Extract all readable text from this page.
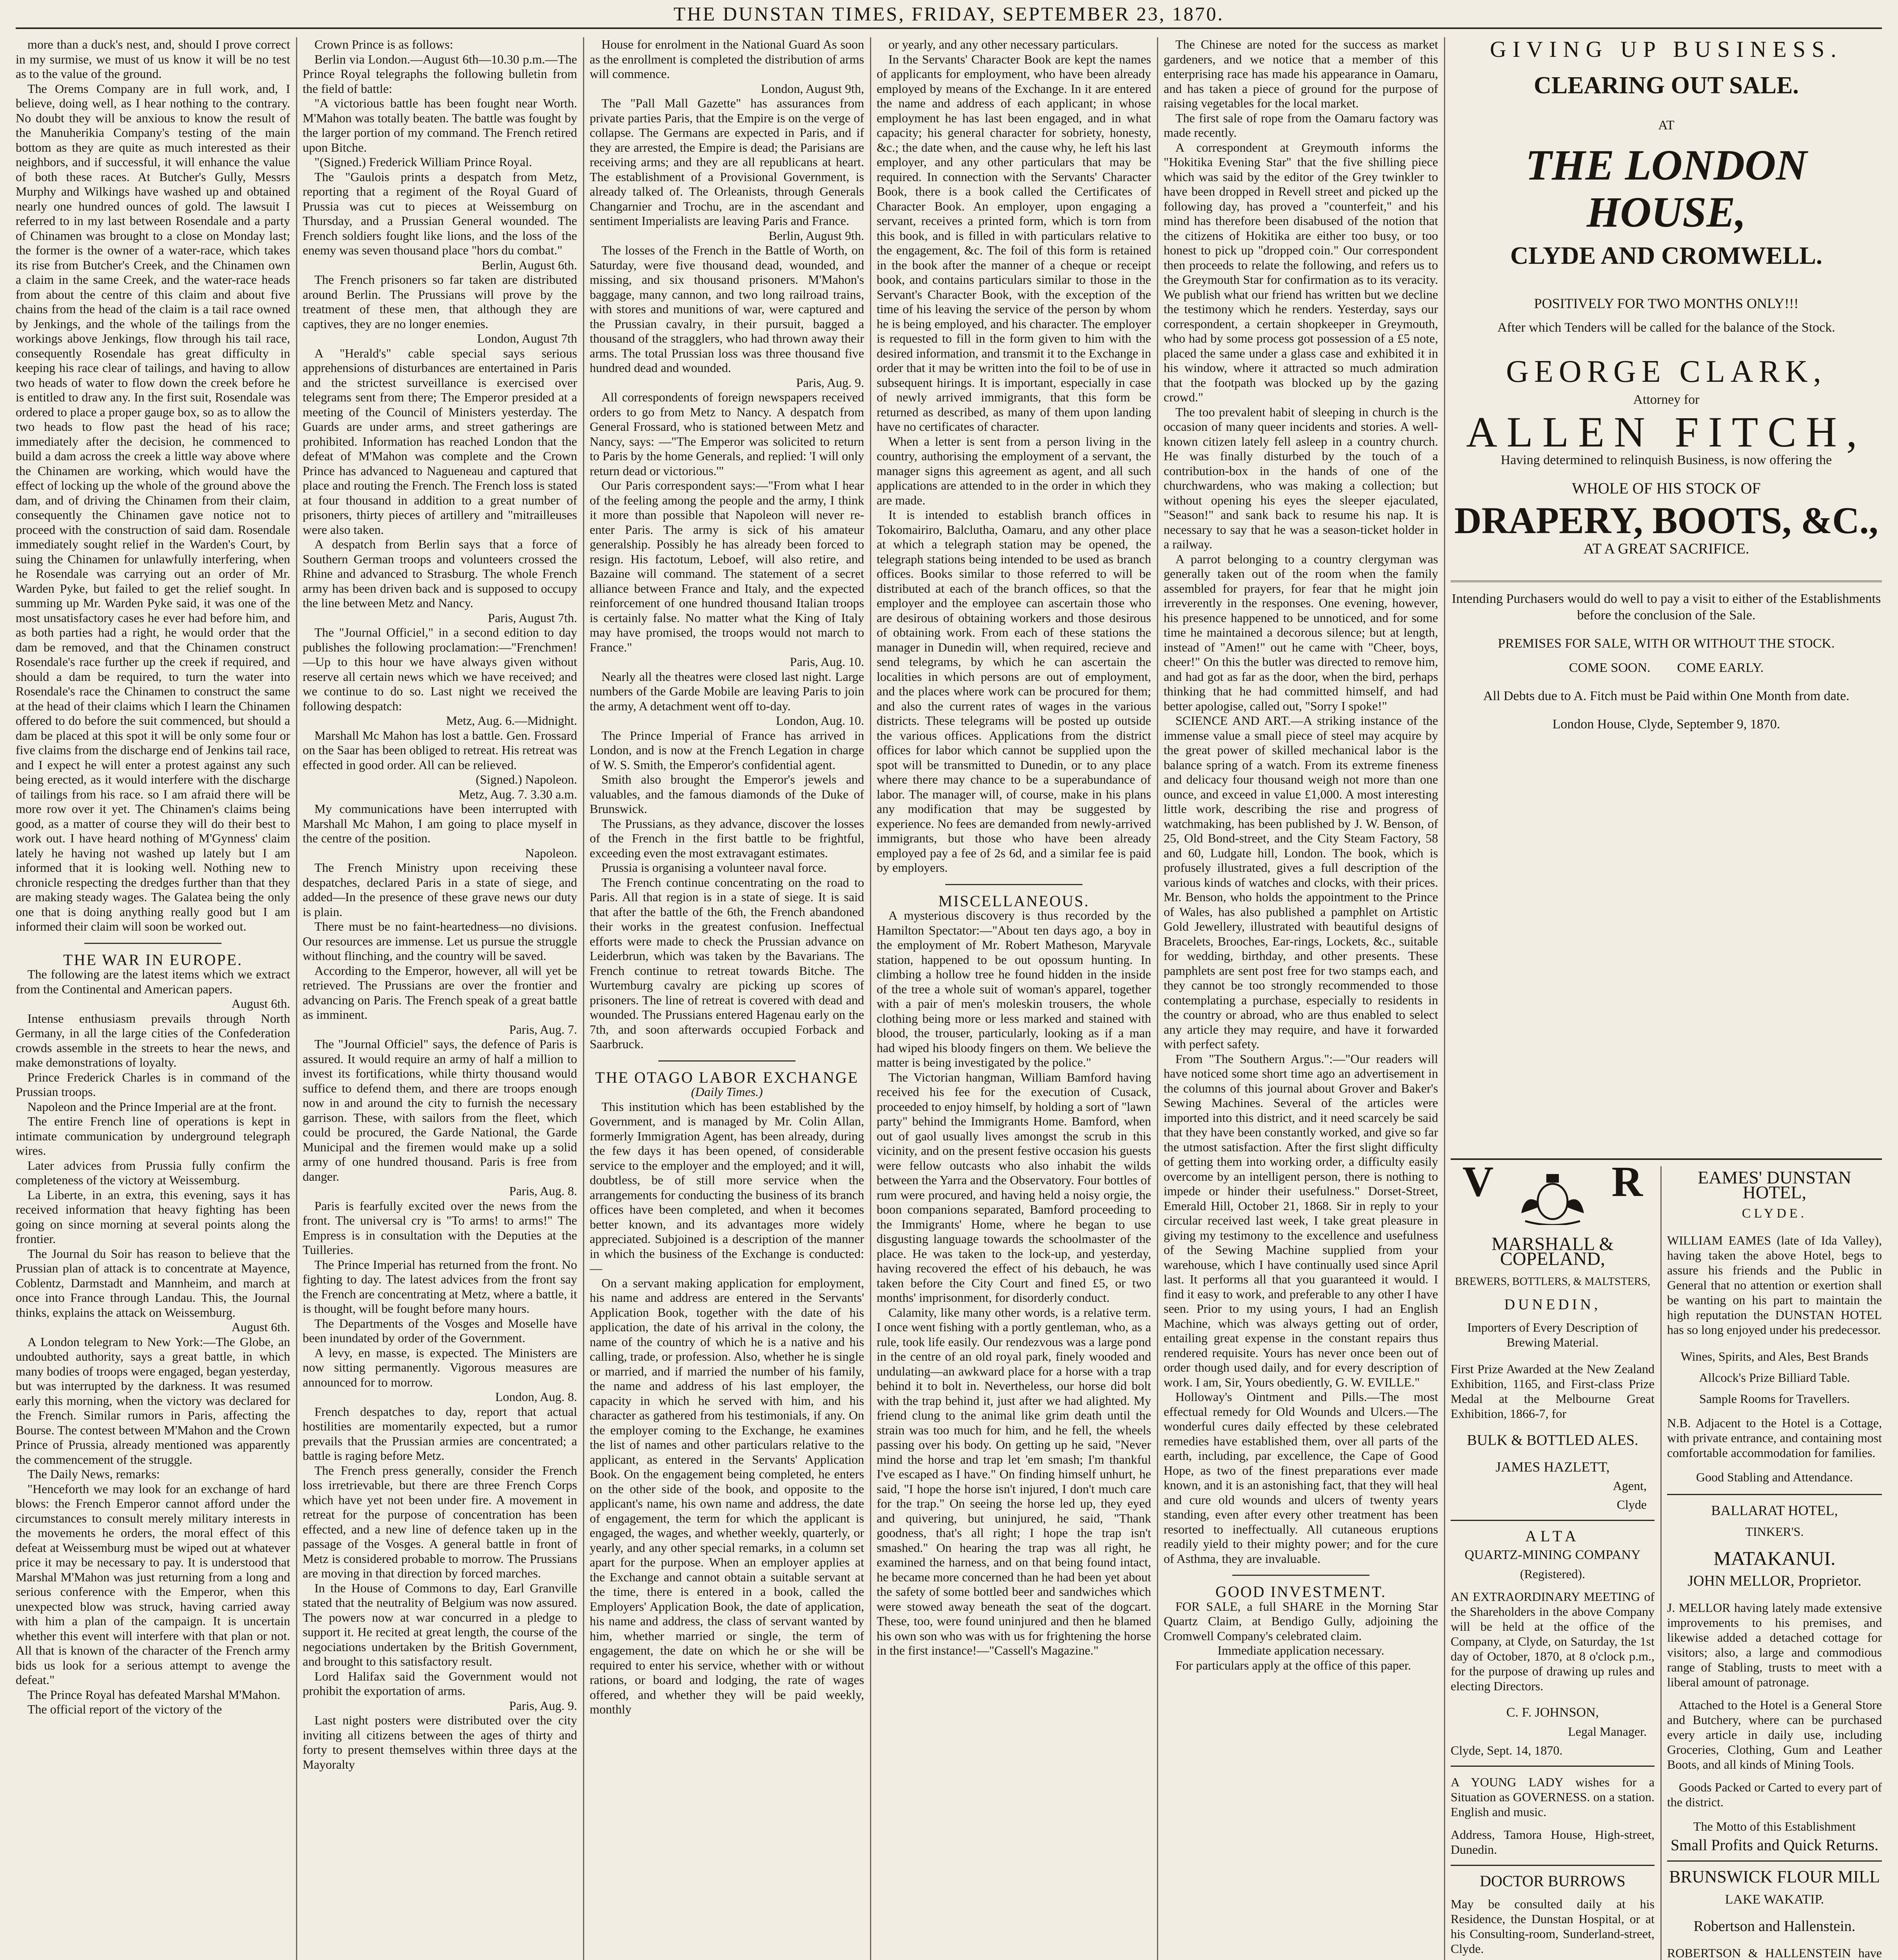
THE DUNSTAN TIMES, FRIDAY, SEPTEMBER 23, 1870.

more than a duck's nest, and, should I prove correct in my surmise, we must of us know it will be no test as to the value of the ground.

The Orems Company are in full work, and, I believe, doing well, as I hear nothing to the contrary. No doubt they will be anxious to know the result of the Manuherikia Company's testing of the main bottom as they are quite as much interested as their neighbors, and if successful, it will enhance the value of both these races. At Butcher's Gully, Messrs Murphy and Wilkings have washed up and obtained nearly one hundred ounces of gold. The lawsuit I referred to in my last between Rosendale and a party of Chinamen was brought to a close on Monday last; the former is the owner of a water-race, which takes its rise from Butcher's Creek, and the Chinamen own a claim in the same Creek, and the water-race heads from about the centre of this claim and about five chains from the head of the claim is a tail race owned by Jenkings, and the whole of the tailings from the workings above Jenkings, flow through his tail race, consequently Rosendale has great difficulty in keeping his race clear of tailings, and having to allow two heads of water to flow down the creek before he is entitled to draw any. In the first suit, Rosendale was ordered to place a proper gauge box, so as to allow the two heads to flow past the head of his race; immediately after the decision, he commenced to build a dam across the creek a little way above where the Chinamen are working, which would have the effect of locking up the whole of the ground above the dam, and of driving the Chinamen from their claim, consequently the Chinamen gave notice not to proceed with the construction of said dam. Rosendale immediately sought relief in the Warden's Court, by suing the Chinamen for unlawfully interfering, when he Rosendale was carrying out an order of Mr. Warden Pyke, but failed to get the relief sought. In summing up Mr. Warden Pyke said, it was one of the most unsatisfactory cases he ever had before him, and as both parties had a right, he would order that the dam be removed, and that the Chinamen construct Rosendale's race further up the creek if required, and should a dam be required, to turn the water into Rosendale's race the Chinamen to construct the same at the head of their claims which I learn the Chinamen offered to do before the suit commenced, but should a dam be placed at this spot it will be only some four or five claims from the discharge end of Jenkins tail race, and I expect he will enter a protest against any such being erected, as it would interfere with the discharge of tailings from his race. so I am afraid there will be more row over it yet. The Chinamen's claims being good, as a matter of course they will do their best to work out. I have heard nothing of M'Gynness' claim lately he having not washed up lately but I am informed that it is looking well. Nothing new to chronicle respecting the dredges further than that they are making steady wages. The Galatea being the only one that is doing anything really good but I am informed their claim will soon be worked out.

THE WAR IN EUROPE.

The following are the latest items which we extract from the Continental and American papers.

August 6th.

Intense enthusiasm prevails through North Germany, in all the large cities of the Confederation crowds assemble in the streets to hear the news, and make demonstrations of loyalty.

Prince Frederick Charles is in command of the Prussian troops.

Napoleon and the Prince Imperial are at the front.

The entire French line of operations is kept in intimate communication by underground telegraph wires.

Later advices from Prussia fully confirm the completeness of the victory at Weissemburg.

La Liberte, in an extra, this evening, says it has received information that heavy fighting has been going on since morning at several points along the frontier.

The Journal du Soir has reason to believe that the Prussian plan of attack is to concentrate at Mayence, Coblentz, Darmstadt and Mannheim, and march at once into France through Landau. This, the Journal thinks, explains the attack on Weissemburg.

August 6th.

A London telegram to New York:—The Globe, an undoubted authority, says a great battle, in which many bodies of troops were engaged, began yesterday, but was interrupted by the darkness. It was resumed early this morning, when the victory was declared for the French. Similar rumors in Paris, affecting the Bourse. The contest between M'Mahon and the Crown Prince of Prussia, already mentioned was apparently the commencement of the struggle.

The Daily News, remarks:

"Henceforth we may look for an exchange of hard blows: the French Emperor cannot afford under the circumstances to consult merely military interests in the movements he orders, the moral effect of this defeat at Weissemburg must be wiped out at whatever price it may be necessary to pay. It is understood that Marshal M'Mahon was just returning from a long and serious conference with the Emperor, when this unexpected blow was struck, having carried away with him a plan of the campaign. It is uncertain whether this event will interfere with that plan or not. All that is known of the character of the French army bids us look for a serious attempt to avenge the defeat."

The Prince Royal has defeated Marshal M'Mahon.

The official report of the victory of the

Crown Prince is as follows:

Berlin via London.—August 6th—10.30 p.m.—The Prince Royal telegraphs the following bulletin from the field of battle:

"A victorious battle has been fought near Worth. M'Mahon was totally beaten. The battle was fought by the larger portion of my command. The French retired upon Bitche.

"(Signed.) Frederick William Prince Royal.

The "Gaulois prints a despatch from Metz, reporting that a regiment of the Royal Guard of Prussia was cut to pieces at Weissemburg on Thursday, and a Prussian General wounded. The French soldiers fought like lions, and the loss of the enemy was seven thousand place "hors du combat."

Berlin, August 6th.

The French prisoners so far taken are distributed around Berlin. The Prussians will prove by the treatment of these men, that although they are captives, they are no longer enemies.

London, August 7th

A "Herald's" cable special says serious apprehensions of disturbances are entertained in Paris and the strictest surveillance is exercised over telegrams sent from there; The Emperor presided at a meeting of the Council of Ministers yesterday. The Guards are under arms, and street gatherings are prohibited. Information has reached London that the defeat of M'Mahon was complete and the Crown Prince has advanced to Nagueneau and captured that place and routing the French. The French loss is stated at four thousand in addition to a great number of prisoners, thirty pieces of artillery and "mitrailleuses were also taken.

A despatch from Berlin says that a force of Southern German troops and volunteers crossed the Rhine and advanced to Strasburg. The whole French army has been driven back and is supposed to occupy the line between Metz and Nancy.

Paris, August 7th.

The "Journal Officiel," in a second edition to day publishes the following proclamation:—"Frenchmen!—Up to this hour we have always given without reserve all certain news which we have received; and we continue to do so. Last night we received the following despatch:

Metz, Aug. 6.—Midnight.

Marshall Mc Mahon has lost a battle. Gen. Frossard on the Saar has been obliged to retreat. His retreat was effected in good order. All can be relieved.

(Signed.) Napoleon.

Metz, Aug. 7. 3.30 a.m.

My communications have been interrupted with Marshall Mc Mahon, I am going to place myself in the centre of the position.

Napoleon.

The French Ministry upon receiving these despatches, declared Paris in a state of siege, and added—In the presence of these grave news our duty is plain.

There must be no faint-heartedness—no divisions. Our resources are immense. Let us pursue the struggle without flinching, and the country will be saved.

According to the Emperor, however, all will yet be retrieved. The Prussians are over the frontier and advancing on Paris. The French speak of a great battle as imminent.

Paris, Aug. 7.

The "Journal Officiel" says, the defence of Paris is assured. It would require an army of half a million to invest its fortifications, while thirty thousand would suffice to defend them, and there are troops enough now in and around the city to furnish the necessary garrison. These, with sailors from the fleet, which could be procured, the Garde National, the Garde Municipal and the firemen would make up a solid army of one hundred thousand. Paris is free from danger.

Paris, Aug. 8.

Paris is fearfully excited over the news from the front. The universal cry is "To arms! to arms!" The Empress is in consultation with the Deputies at the Tuilleries.

The Prince Imperial has returned from the front. No fighting to day. The latest advices from the front say the French are concentrating at Metz, where a battle, it is thought, will be fought before many hours.

The Departments of the Vosges and Moselle have been inundated by order of the Government.

A levy, en masse, is expected. The Ministers are now sitting permanently. Vigorous measures are announced for to morrow.

London, Aug. 8.

French despatches to day, report that actual hostilities are momentarily expected, but a rumor prevails that the Prussian armies are concentrated; a battle is raging before Metz.

The French press generally, consider the French loss irretrievable, but there are three French Corps which have yet not been under fire. A movement in retreat for the purpose of concentration has been effected, and a new line of defence taken up in the passage of the Vosges. A general battle in front of Metz is considered probable to morrow. The Prussians are moving in that direction by forced marches.

In the House of Commons to day, Earl Granville stated that the neutrality of Belgium was now assured. The powers now at war concurred in a pledge to support it. He recited at great length, the course of the negociations undertaken by the British Government, and brought to this satisfactory result.

Lord Halifax said the Government would not prohibit the exportation of arms.

Paris, Aug. 9.

Last night posters were distributed over the city inviting all citizens between the ages of thirty and forty to present themselves within three days at the Mayoralty

House for enrolment in the National Guard As soon as the enrollment is completed the distribution of arms will commence.

London, August 9th,

The "Pall Mall Gazette" has assurances from private parties Paris, that the Empire is on the verge of collapse. The Germans are expected in Paris, and if they are arrested, the Empire is dead; the Parisians are receiving arms; and they are all republicans at heart. The establishment of a Provisional Government, is already talked of. The Orleanists, through Generals Changarnier and Trochu, are in the ascendant and sentiment Imperialists are leaving Paris and France.

Berlin, August 9th.

The losses of the French in the Battle of Worth, on Saturday, were five thousand dead, wounded, and missing, and six thousand prisoners. M'Mahon's baggage, many cannon, and two long railroad trains, with stores and munitions of war, were captured and the Prussian cavalry, in their pursuit, bagged a thousand of the stragglers, who had thrown away their arms. The total Prussian loss was three thousand five hundred dead and wounded.

Paris, Aug. 9.

All correspondents of foreign newspapers received orders to go from Metz to Nancy. A despatch from General Frossard, who is stationed between Metz and Nancy, says: —"The Emperor was solicited to return to Paris by the home Generals, and replied: 'I will only return dead or victorious.'"

Our Paris correspondent says:—"From what I hear of the feeling among the people and the army, I think it more than possible that Napoleon will never re-enter Paris. The army is sick of his amateur generalship. Possibly he has already been forced to resign. His factotum, Leboef, will also retire, and Bazaine will command. The statement of a secret alliance between France and Italy, and the expected reinforcement of one hundred thousand Italian troops is certainly false. No matter what the King of Italy may have promised, the troops would not march to France."

Paris, Aug. 10.

Nearly all the theatres were closed last night. Large numbers of the Garde Mobile are leaving Paris to join the army, A detachment went off to-day.

London, Aug. 10.

The Prince Imperial of France has arrived in London, and is now at the French Legation in charge of W. S. Smith, the Emperor's confidential agent.

Smith also brought the Emperor's jewels and valuables, and the famous diamonds of the Duke of Brunswick.

The Prussians, as they advance, discover the losses of the French in the first battle to be frightful, exceeding even the most extravagant estimates.

Prussia is organising a volunteer naval force.

The French continue concentrating on the road to Paris. All that region is in a state of siege. It is said that after the battle of the 6th, the French abandoned their works in the greatest confusion. Ineffectual efforts were made to check the Prussian advance on Leiderbrun, which was taken by the Bavarians. The French continue to retreat towards Bitche. The Wurtemburg cavalry are picking up scores of prisoners. The line of retreat is covered with dead and wounded. The Prussians entered Hagenau early on the 7th, and soon afterwards occupied Forback and Saarbruck.

THE OTAGO LABOR EXCHANGE

(Daily Times.)

This institution which has been established by the Government, and is managed by Mr. Colin Allan, formerly Immigration Agent, has been already, during the few days it has been opened, of considerable service to the employer and the employed; and it will, doubtless, be of still more service when the arrangements for conducting the business of its branch offices have been completed, and when it becomes better known, and its advantages more widely appreciated. Subjoined is a description of the manner in which the business of the Exchange is conducted:—

On a servant making application for employment, his name and address are entered in the Servants' Application Book, together with the date of his application, the date of his arrival in the colony, the name of the country of which he is a native and his calling, trade, or profession. Also, whether he is single or married, and if married the number of his family, the name and address of his last employer, the capacity in which he served with him, and his character as gathered from his testimonials, if any. On the employer coming to the Exchange, he examines the list of names and other particulars relative to the applicant, as entered in the Servants' Application Book. On the engagement being completed, he enters on the other side of the book, and opposite to the applicant's name, his own name and address, the date of engagement, the term for which the applicant is engaged, the wages, and whether weekly, quarterly, or yearly, and any other special remarks, in a column set apart for the purpose. When an employer applies at the Exchange and cannot obtain a suitable servant at the time, there is entered in a book, called the Employers' Application Book, the date of application, his name and address, the class of servant wanted by him, whether married or single, the term of engagement, the date on which he or she will be required to enter his service, whether with or without rations, or board and lodging, the rate of wages offered, and whether they will be paid weekly, monthly

or yearly, and any other necessary particulars.

In the Servants' Character Book are kept the names of applicants for employment, who have been already employed by means of the Exchange. In it are entered the name and address of each applicant; in whose employment he has last been engaged, and in what capacity; his general character for sobriety, honesty, &c.; the date when, and the cause why, he left his last employer, and any other particulars that may be required. In connection with the Servants' Character Book, there is a book called the Certificates of Character Book. An employer, upon engaging a servant, receives a printed form, which is torn from this book, and is filled in with particulars relative to the engagement, &c. The foil of this form is retained in the book after the manner of a cheque or receipt book, and contains particulars similar to those in the Servant's Character Book, with the exception of the time of his leaving the service of the person by whom he is being employed, and his character. The employer is requested to fill in the form given to him with the desired information, and transmit it to the Exchange in order that it may be written into the foil to be of use in subsequent hirings. It is important, especially in case of newly arrived immigrants, that this form be returned as described, as many of them upon landing have no certificates of character.

When a letter is sent from a person living in the country, authorising the employment of a servant, the manager signs this agreement as agent, and all such applications are attended to in the order in which they are made.

It is intended to establish branch offices in Tokomairiro, Balclutha, Oamaru, and any other place at which a telegraph station may be opened, the telegraph stations being intended to be used as branch offices. Books similar to those referred to will be distributed at each of the branch offices, so that the employer and the employee can ascertain those who are desirous of obtaining workers and those desirous of obtaining work. From each of these stations the manager in Dunedin will, when required, recieve and send telegrams, by which he can ascertain the localities in which persons are out of employment, and the places where work can be procured for them; and also the current rates of wages in the various districts. These telegrams will be posted up outside the various offices. Applications from the district offices for labor which cannot be supplied upon the spot will be transmitted to Dunedin, or to any place where there may chance to be a superabundance of labor. The manager will, of course, make in his plans any modification that may be suggested by experience. No fees are demanded from newly-arrived immigrants, but those who have been already employed pay a fee of 2s 6d, and a similar fee is paid by employers.

MISCELLANEOUS.

A mysterious discovery is thus recorded by the Hamilton Spectator:—"About ten days ago, a boy in the employment of Mr. Robert Matheson, Maryvale station, happened to be out opossum hunting. In climbing a hollow tree he found hidden in the inside of the tree a whole suit of woman's apparel, together with a pair of men's moleskin trousers, the whole clothing being more or less marked and stained with blood, the trouser, particularly, looking as if a man had wiped his bloody fingers on them. We believe the matter is being investigated by the police."

The Victorian hangman, William Bamford having received his fee for the execution of Cusack, proceeded to enjoy himself, by holding a sort of "lawn party" behind the Immigrants Home. Bamford, when out of gaol usually lives amongst the scrub in this vicinity, and on the present festive occasion his guests were fellow outcasts who also inhabit the wilds between the Yarra and the Observatory. Four bottles of rum were procured, and having held a noisy orgie, the boon companions separated, Bamford proceeding to the Immigrants' Home, where he began to use disgusting language towards the schoolmaster of the place. He was taken to the lock-up, and yesterday, having recovered the effect of his debauch, he was taken before the City Court and fined £5, or two months' imprisonment, for disorderly conduct.

Calamity, like many other words, is a relative term. I once went fishing with a portly gentleman, who, as a rule, took life easily. Our rendezvous was a large pond in the centre of an old royal park, finely wooded and undulating—an awkward place for a horse with a trap behind it to bolt in. Nevertheless, our horse did bolt with the trap behind it, just after we had alighted. My friend clung to the animal like grim death until the strain was too much for him, and he fell, the wheels passing over his body. On getting up he said, "Never mind the horse and trap let 'em smash; I'm thankful I've escaped as I have." On finding himself unhurt, he said, "I hope the horse isn't injured, I don't much care for the trap." On seeing the horse led up, they eyed and quivering, but uninjured, he said, "Thank goodness, that's all right; I hope the trap isn't smashed." On hearing the trap was all right, he examined the harness, and on that being found intact, he became more concerned than he had been yet about the safety of some bottled beer and sandwiches which were stowed away beneath the seat of the dogcart. These, too, were found uninjured and then he blamed his own son who was with us for frightening the horse in the first instance!—"Cassell's Magazine."

The Chinese are noted for the success as market gardeners, and we notice that a member of this enterprising race has made his appearance in Oamaru, and has taken a piece of ground for the purpose of raising vegetables for the local market.

The first sale of rope from the Oamaru factory was made recently.

A correspondent at Greymouth informs the "Hokitika Evening Star" that the five shilling piece which was said by the editor of the Grey twinkler to have been dropped in Revell street and picked up the following day, has proved a "counterfeit," and his mind has therefore been disabused of the notion that the citizens of Hokitika are either too busy, or too honest to pick up "dropped coin." Our correspondent then proceeds to relate the following, and refers us to the Greymouth Star for confirmation as to its veracity. We publish what our friend has written but we decline the testimony which he renders. Yesterday, says our correspondent, a certain shopkeeper in Greymouth, who had by some process got possession of a £5 note, placed the same under a glass case and exhibited it in his window, where it attracted so much admiration that the footpath was blocked up by the gazing crowd."

The too prevalent habit of sleeping in church is the occasion of many queer incidents and stories. A well-known citizen lately fell asleep in a country church. He was finally disturbed by the touch of a contribution-box in the hands of one of the churchwardens, who was making a collection; but without opening his eyes the sleeper ejaculated, "Season!" and sank back to resume his nap. It is necessary to say that he was a season-ticket holder in a railway.

A parrot belonging to a country clergyman was generally taken out of the room when the family assembled for prayers, for fear that he might join irreverently in the responses. One evening, however, his presence happened to be unnoticed, and for some time he maintained a decorous silence; but at length, instead of "Amen!" out he came with "Cheer, boys, cheer!" On this the butler was directed to remove him, and had got as far as the door, when the bird, perhaps thinking that he had committed himself, and had better apologise, called out, "Sorry I spoke!"

SCIENCE AND ART.—A striking instance of the immense value a small piece of steel may acquire by the great power of skilled mechanical labor is the balance spring of a watch. From its extreme fineness and delicacy four thousand weigh not more than one ounce, and exceed in value £1,000. A most interesting little work, describing the rise and progress of watchmaking, has been published by J. W. Benson, of 25, Old Bond-street, and the City Steam Factory, 58 and 60, Ludgate hill, London. The book, which is profusely illustrated, gives a full description of the various kinds of watches and clocks, with their prices. Mr. Benson, who holds the appointment to the Prince of Wales, has also published a pamphlet on Artistic Gold Jewellery, illustrated with beautiful designs of Bracelets, Brooches, Ear-rings, Lockets, &c., suitable for wedding, birthday, and other presents. These pamphlets are sent post free for two stamps each, and they cannot be too strongly recommended to those contemplating a purchase, especially to residents in the country or abroad, who are thus enabled to select any article they may require, and have it forwarded with perfect safety.

From "The Southern Argus.":—"Our readers will have noticed some short time ago an advertisement in the columns of this journal about Grover and Baker's Sewing Machines. Several of the articles were imported into this district, and it need scarcely be said that they have been constantly worked, and give so far the utmost satisfaction. After the first slight difficulty of getting them into working order, a difficulty easily overcome by an intelligent person, there is nothing to impede or hinder their usefulness." Dorset-Street, Emerald Hill, October 21, 1868. Sir in reply to your circular received last week, I take great pleasure in giving my testimony to the excellence and usefulness of the Sewing Machine supplied from your warehouse, which I have continually used since April last. It performs all that you guaranteed it would. I find it easy to work, and preferable to any other I have seen. Prior to my using yours, I had an English Machine, which was always getting out of order, entailing great expense in the constant repairs thus rendered requisite. Yours has never once been out of order though used daily, and for every description of work. I am, Sir, Yours obediently, G. W. EVILLE."

Holloway's Ointment and Pills.—The most effectual remedy for Old Wounds and Ulcers.—The wonderful cures daily effected by these celebrated remedies have established them, over all parts of the earth, including, par excellence, the Cape of Good Hope, as two of the finest preparations ever made known, and it is an astonishing fact, that they will heal and cure old wounds and ulcers of twenty years standing, even after every other treatment has been resorted to ineffectually. All cutaneous eruptions readily yield to their mighty power; and for the cure of Asthma, they are invaluable.

GOOD INVESTMENT.

FOR SALE, a full SHARE in the Morning Star Quartz Claim, at Bendigo Gully, adjoining the Cromwell Company's celebrated claim.

Immediate application necessary.

For particulars apply at the office of this paper.

GIVING UP BUSINESS.

CLEARING OUT SALE.

AT

THE LONDON HOUSE,

CLYDE AND CROMWELL.

POSITIVELY FOR TWO MONTHS ONLY!!!

After which Tenders will be called for the balance of the Stock.

GEORGE CLARK,

Attorney for

ALLEN FITCH,

Having determined to relinquish Business, is now offering the

WHOLE OF HIS STOCK OF

DRAPERY, BOOTS, &C.,

AT A GREAT SACRIFICE.

Intending Purchasers would do well to pay a visit to either of the Establishments before the conclusion of the Sale.

PREMISES FOR SALE, WITH OR WITHOUT THE STOCK.

COME SOON. COME EARLY.

All Debts due to A. Fitch must be Paid within One Month from date.

London House, Clyde, September 9, 1870.

V	R

MARSHALL & COPELAND,

BREWERS, BOTTLERS, & MALTSTERS,

DUNEDIN,

Importers of Every Description of Brewing Material.

First Prize Awarded at the New Zealand Exhibition, 1165, and First-class Prize Medal at the Melbourne Great Exhibition, 1866-7, for

BULK & BOTTLED ALES.

JAMES HAZLETT,

Agent,

Clyde

ALTA

QUARTZ-MINING COMPANY

(Registered).

AN EXTRAORDINARY MEETING of the Shareholders in the above Company will be held at the office of the Company, at Clyde, on Saturday, the 1st day of October, 1870, at 8 o'clock p.m., for the purpose of drawing up rules and electing Directors.

C. F. JOHNSON,

Legal Manager.

Clyde, Sept. 14, 1870.

A YOUNG LADY wishes for a Situation as GOVERNESS. on a station. English and music.

Address, Tamora House, High-street, Dunedin.

DOCTOR BURROWS

May be consulted daily at his Residence, the Dunstan Hospital, or at his Consulting-room, Sunderland-street, Clyde.

EAMES' DUNSTAN HOTEL,

CLYDE.

WILLIAM EAMES (late of Ida Valley), having taken the above Hotel, begs to assure his friends and the Public in General that no attention or exertion shall be wanting on his part to maintain the high reputation the DUNSTAN HOTEL has so long enjoyed under his predecessor.

Wines, Spirits, and Ales, Best Brands

Allcock's Prize Billiard Table.

Sample Rooms for Travellers.

N.B. Adjacent to the Hotel is a Cottage, with private entrance, and containing most comfortable accommodation for families.

Good Stabling and Attendance.

BALLARAT HOTEL,

TINKER'S.

MATAKANUI.

JOHN MELLOR, Proprietor.

J. MELLOR having lately made extensive improvements to his premises, and likewise added a detached cottage for visitors; also, a large and commodious range of Stabling, trusts to meet with a liberal amount of patronage.

Attached to the Hotel is a General Store and Butchery, where can be purchased every article in daily use, including Groceries, Clothing, Gum and Leather Boots, and all kinds of Mining Tools.

Goods Packed or Carted to every part of the district.

The Motto of this Establishment

Small Profits and Quick Returns.

BRUNSWICK FLOUR MILL

LAKE WAKATIP.

Robertson and Hallenstein.

ROBERTSON & HALLENSTEIN have
